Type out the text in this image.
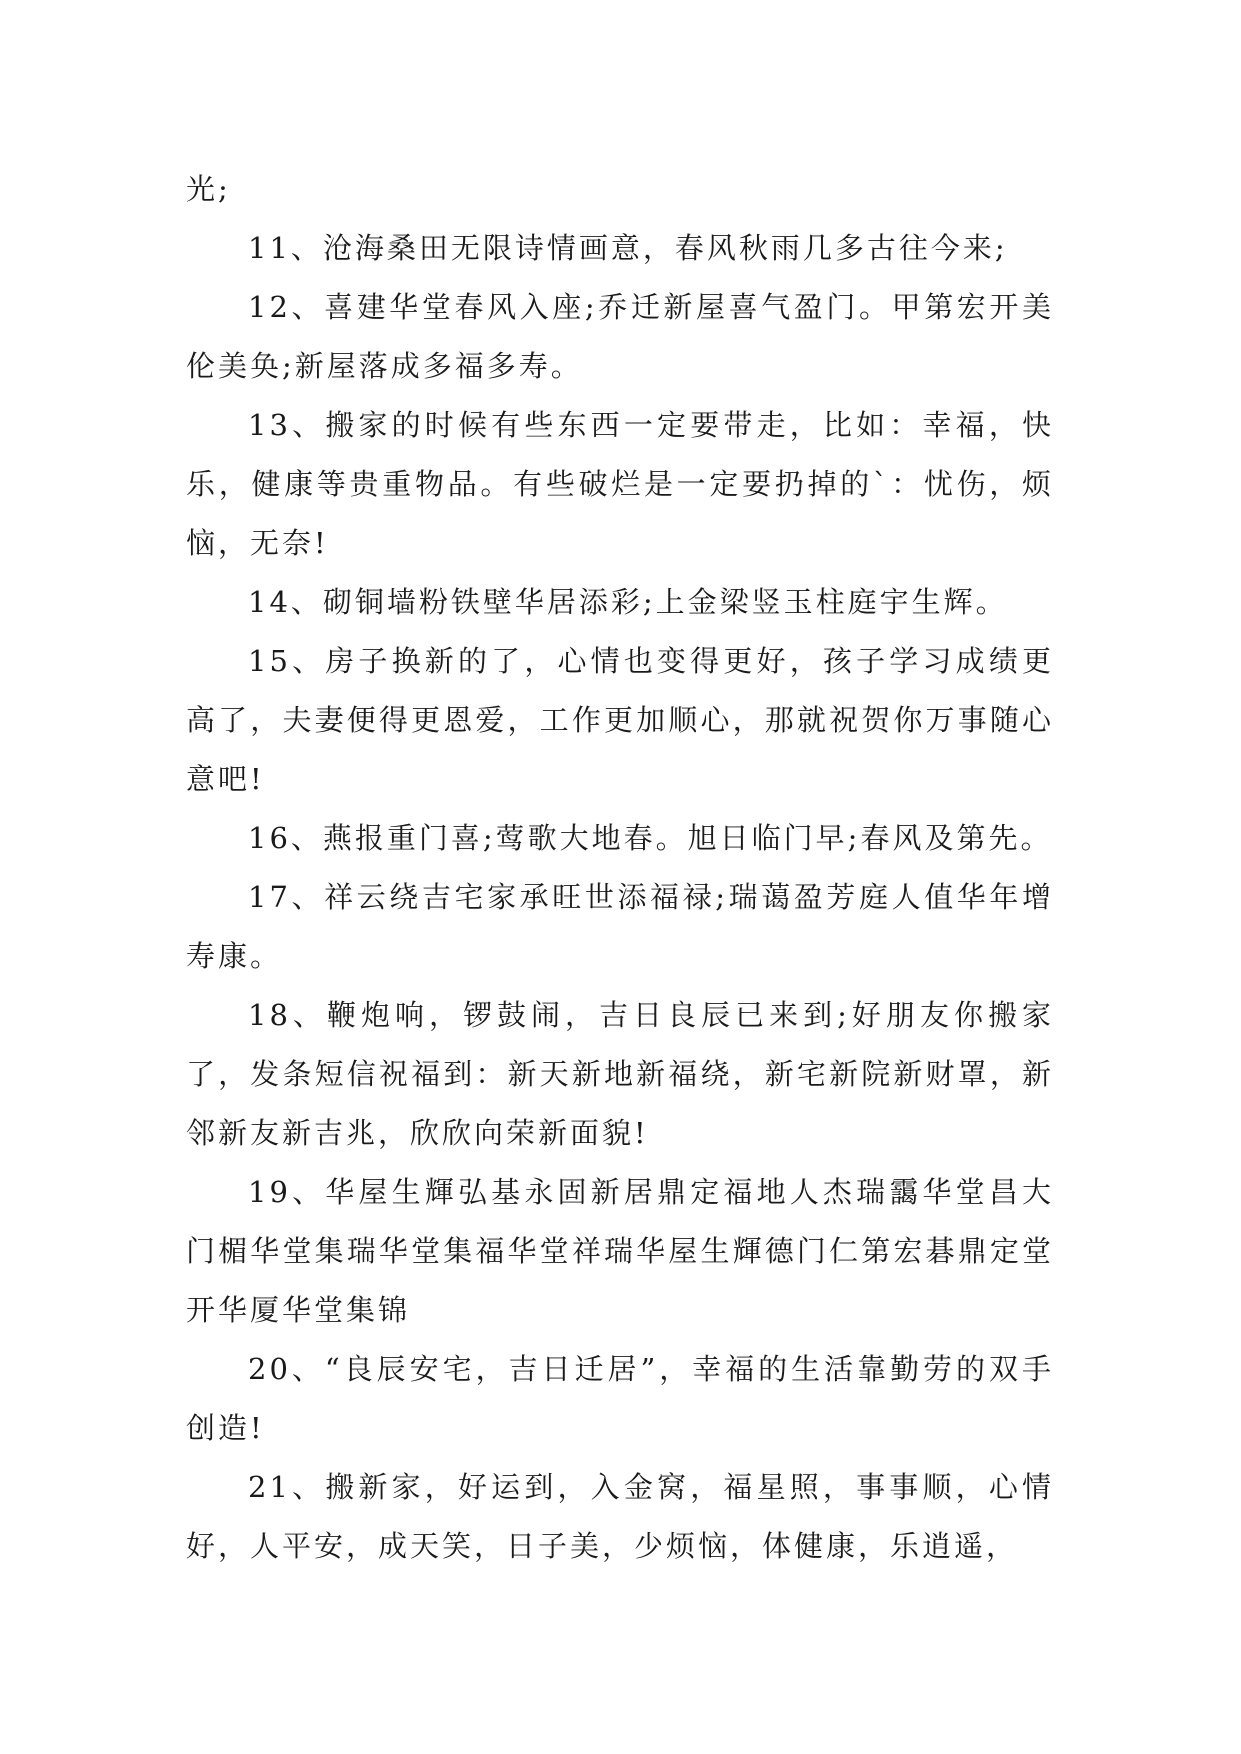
光;

11、沧海桑田无限诗情画意，春风秋雨几多古往今来;

12、喜建华堂春风入座;乔迁新屋喜气盈门。甲第宏开美伦美奂;新屋落成多福多寿。

13、搬家的时候有些东西一定要带走，比如：幸福，快乐，健康等贵重物品。有些破烂是一定要扔掉的`：忧伤，烦恼，无奈!

14、砌铜墙粉铁壁华居添彩;上金梁竖玉柱庭宇生辉。

15、房子换新的了，心情也变得更好，孩子学习成绩更高了，夫妻便得更恩爱，工作更加顺心，那就祝贺你万事随心意吧!

16、燕报重门喜;莺歌大地春。旭日临门早;春风及第先。

17、祥云绕吉宅家承旺世添福禄;瑞蔼盈芳庭人值华年增寿康。

18、鞭炮响，锣鼓闹，吉日良辰已来到;好朋友你搬家了，发条短信祝福到：新天新地新福绕，新宅新院新财罩，新邻新友新吉兆，欣欣向荣新面貌!

19、华屋生輝弘基永固新居鼎定福地人杰瑞靄华堂昌大门楣华堂集瑞华堂集福华堂祥瑞华屋生輝德门仁第宏碁鼎定堂开华厦华堂集锦

20、“良辰安宅，吉日迁居”，幸福的生活靠勤劳的双手创造!

21、搬新家，好运到，入金窝，福星照，事事顺，心情好，人平安，成天笑，日子美，少烦恼，体健康，乐逍遥，
